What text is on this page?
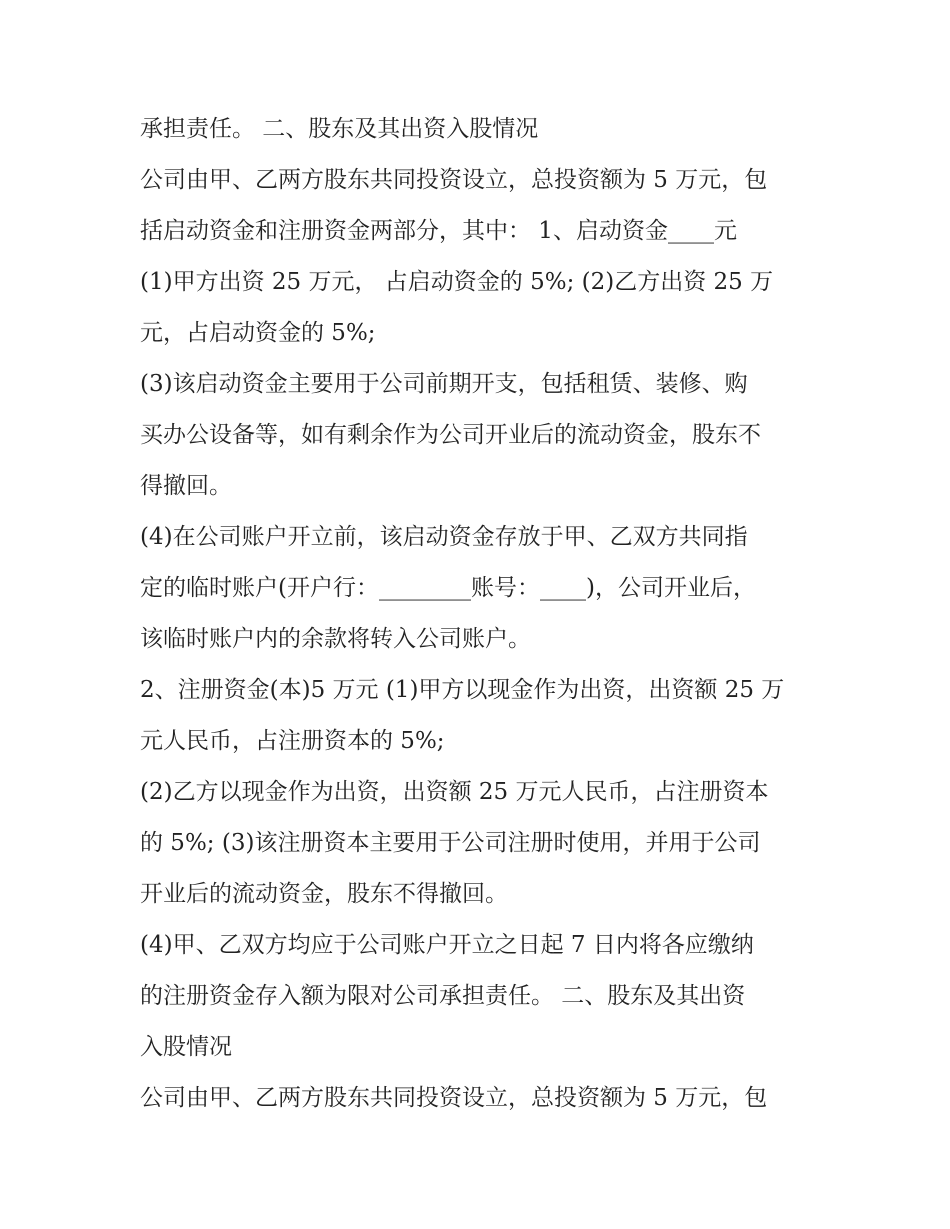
承担责任。 二、股东及其出资入股情况
公司由甲、乙两方股东共同投资设立，总投资额为 5 万元，包
括启动资金和注册资金两部分，其中： 1、启动资金____元
(1)甲方出资 25 万元， 占启动资金的 5%; (2)乙方出资 25 万
元，占启动资金的 5%;
(3)该启动资金主要用于公司前期开支，包括租赁、装修、购
买办公设备等，如有剩余作为公司开业后的流动资金，股东不
得撤回。
(4)在公司账户开立前，该启动资金存放于甲、乙双方共同指
定的临时账户(开户行：________账号：____)，公司开业后，
该临时账户内的余款将转入公司账户。
2、注册资金(本)5 万元 (1)甲方以现金作为出资，出资额 25 万
元人民币，占注册资本的 5%;
(2)乙方以现金作为出资，出资额 25 万元人民币，占注册资本
的 5%; (3)该注册资本主要用于公司注册时使用，并用于公司
开业后的流动资金，股东不得撤回。
(4)甲、乙双方均应于公司账户开立之日起 7 日内将各应缴纳
的注册资金存入额为限对公司承担责任。 二、股东及其出资
入股情况
公司由甲、乙两方股东共同投资设立，总投资额为 5 万元，包
